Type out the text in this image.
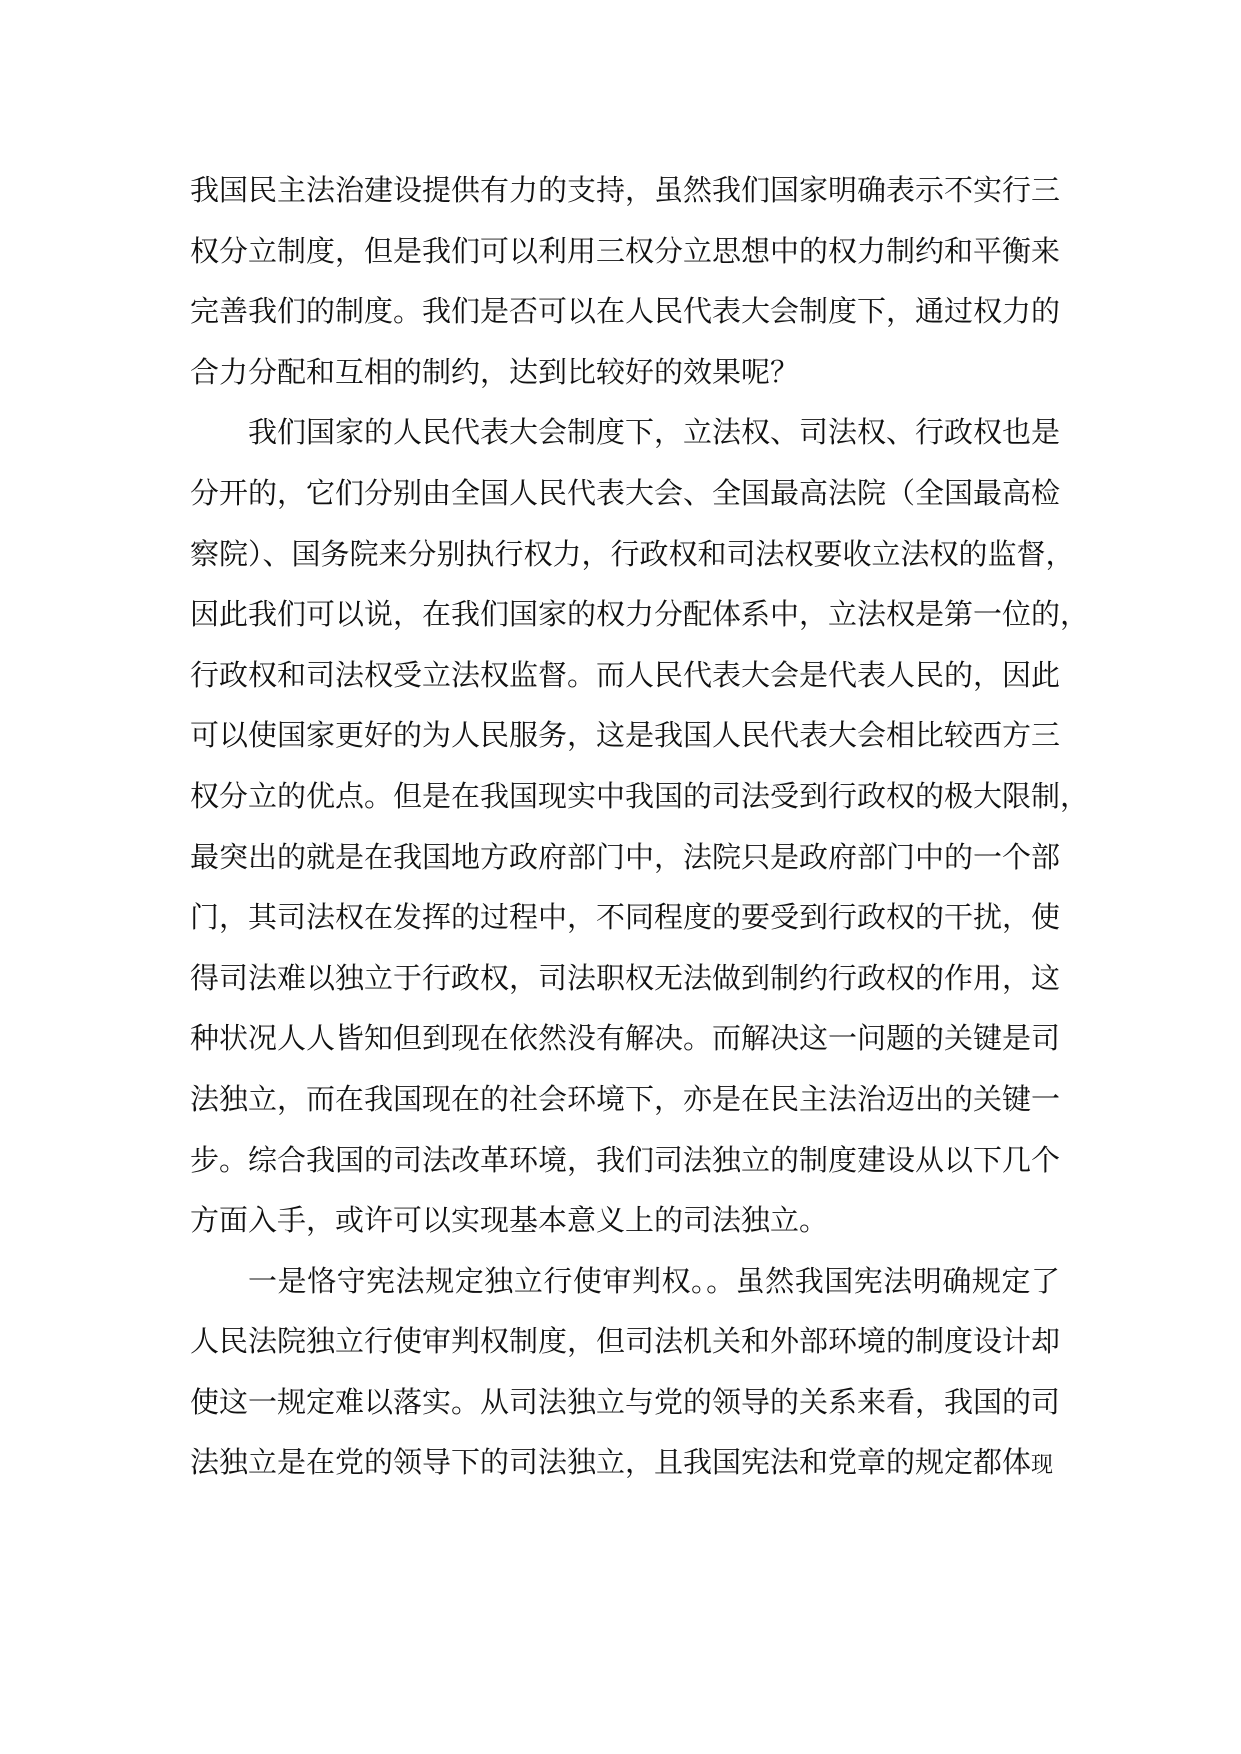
我国民主法治建设提供有力的支持，虽然我们国家明确表示不实行三
权分立制度，但是我们可以利用三权分立思想中的权力制约和平衡来
完善我们的制度。我们是否可以在人民代表大会制度下，通过权力的
合力分配和互相的制约，达到比较好的效果呢？
我们国家的人民代表大会制度下，立法权、司法权、行政权也是
分开的，它们分别由全国人民代表大会、全国最高法院（全国最高检
察院）、国务院来分别执行权力，行政权和司法权要收立法权的监督，
因此我们可以说，在我们国家的权力分配体系中，立法权是第一位的，
行政权和司法权受立法权监督。而人民代表大会是代表人民的，因此
可以使国家更好的为人民服务，这是我国人民代表大会相比较西方三
权分立的优点。但是在我国现实中我国的司法受到行政权的极大限制，
最突出的就是在我国地方政府部门中，法院只是政府部门中的一个部
门，其司法权在发挥的过程中，不同程度的要受到行政权的干扰，使
得司法难以独立于行政权，司法职权无法做到制约行政权的作用，这
种状况人人皆知但到现在依然没有解决。而解决这一问题的关键是司
法独立，而在我国现在的社会环境下，亦是在民主法治迈出的关键一
步。综合我国的司法改革环境，我们司法独立的制度建设从以下几个
方面入手，或许可以实现基本意义上的司法独立。
一是恪守宪法规定独立行使审判权。。虽然我国宪法明确规定了
人民法院独立行使审判权制度，但司法机关和外部环境的制度设计却
使这一规定难以落实。从司法独立与党的领导的关系来看，我国的司
法独立是在党的领导下的司法独立，且我国宪法和党章的规定都体现
